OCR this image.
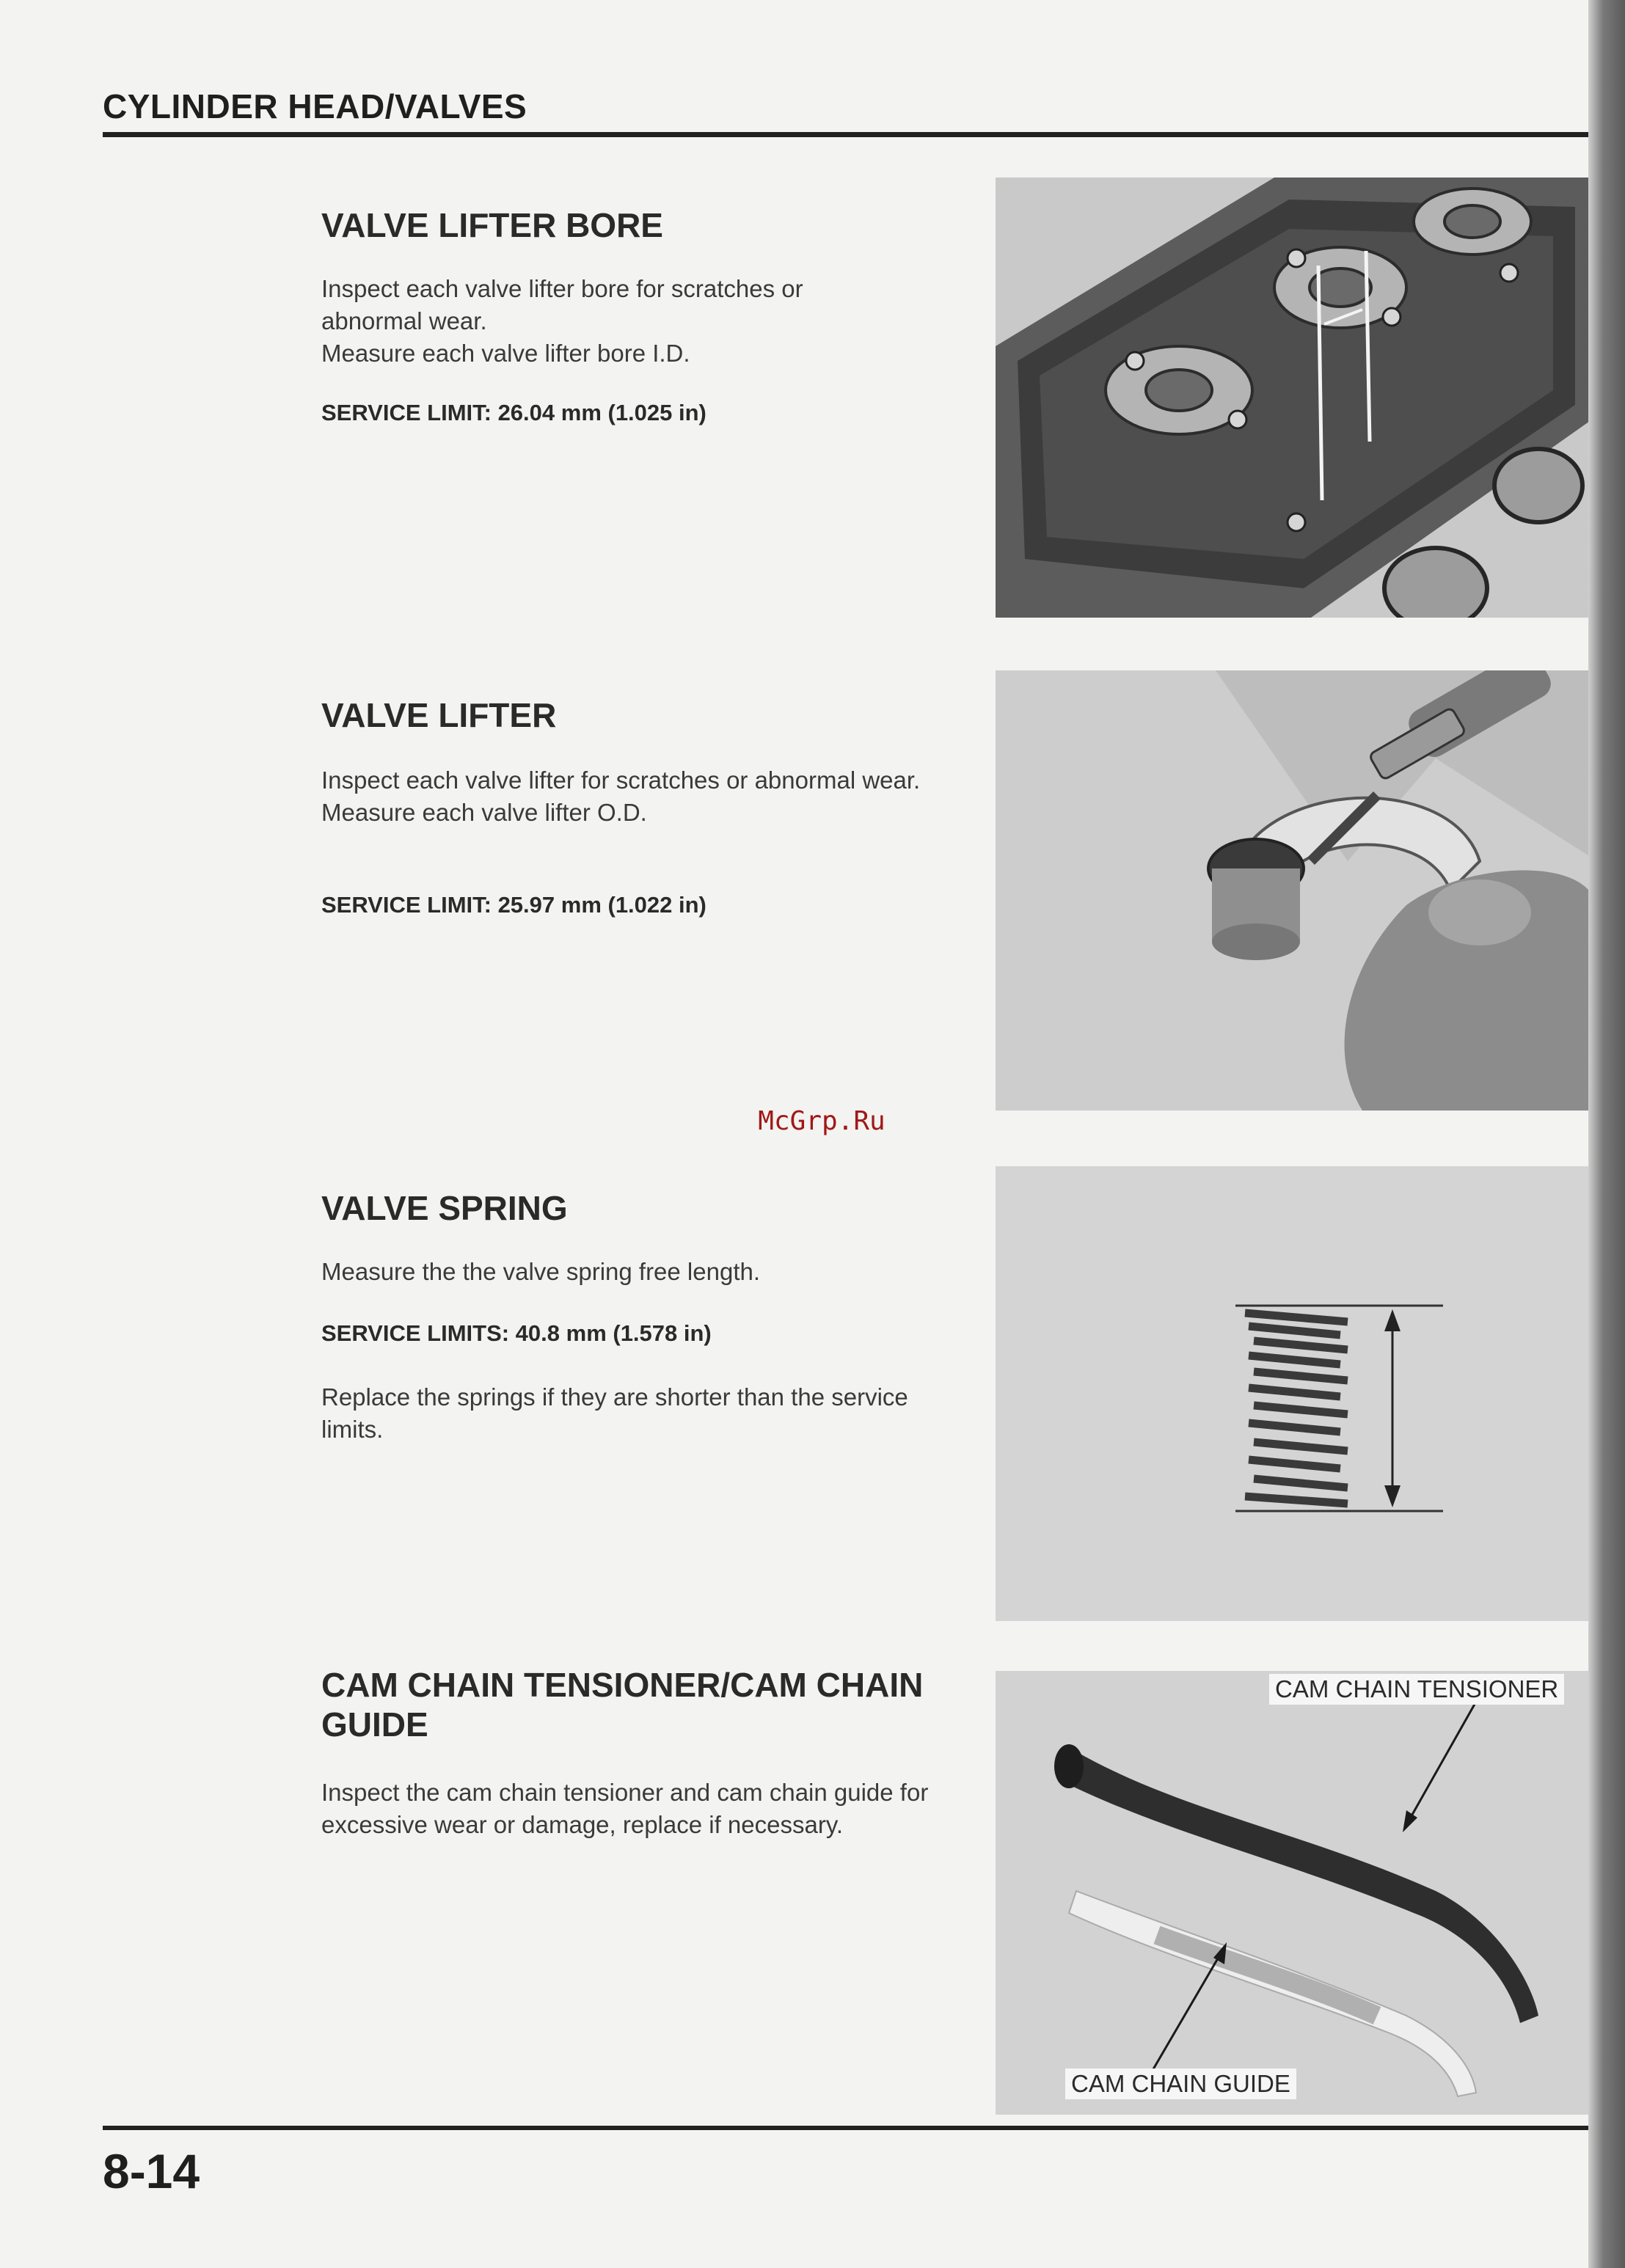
CYLINDER HEAD/VALVES
VALVE LIFTER BORE
Inspect each valve lifter bore for scratches or abnormal wear.
Measure each valve lifter bore I.D.
SERVICE LIMIT: 26.04 mm (1.025 in)
VALVE LIFTER
Inspect each valve lifter for scratches or abnormal wear.
Measure each valve lifter O.D.
SERVICE LIMIT: 25.97 mm (1.022 in)
McGrp.Ru
VALVE SPRING
Measure the the valve spring free length.
SERVICE LIMITS: 40.8 mm (1.578 in)
Replace the springs if they are shorter than the service limits.
CAM CHAIN TENSIONER/CAM CHAIN GUIDE
Inspect the cam chain tensioner and cam chain guide for excessive wear or damage, replace if necessary.
CAM CHAIN TENSIONER
CAM CHAIN GUIDE
8-14
